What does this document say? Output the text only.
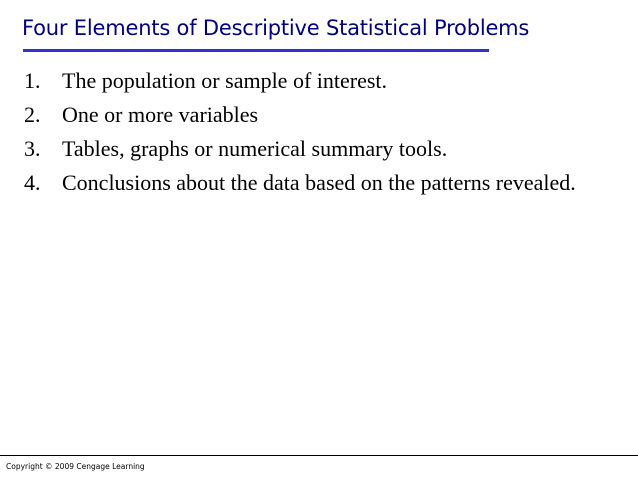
Four Elements of Descriptive Statistical Problems
1. The population or sample of interest.
2. One or more variables
3. Tables, graphs or numerical summary tools.
4. Conclusions about the data based on the patterns revealed.
Copyright © 2009 Cengage Learning
